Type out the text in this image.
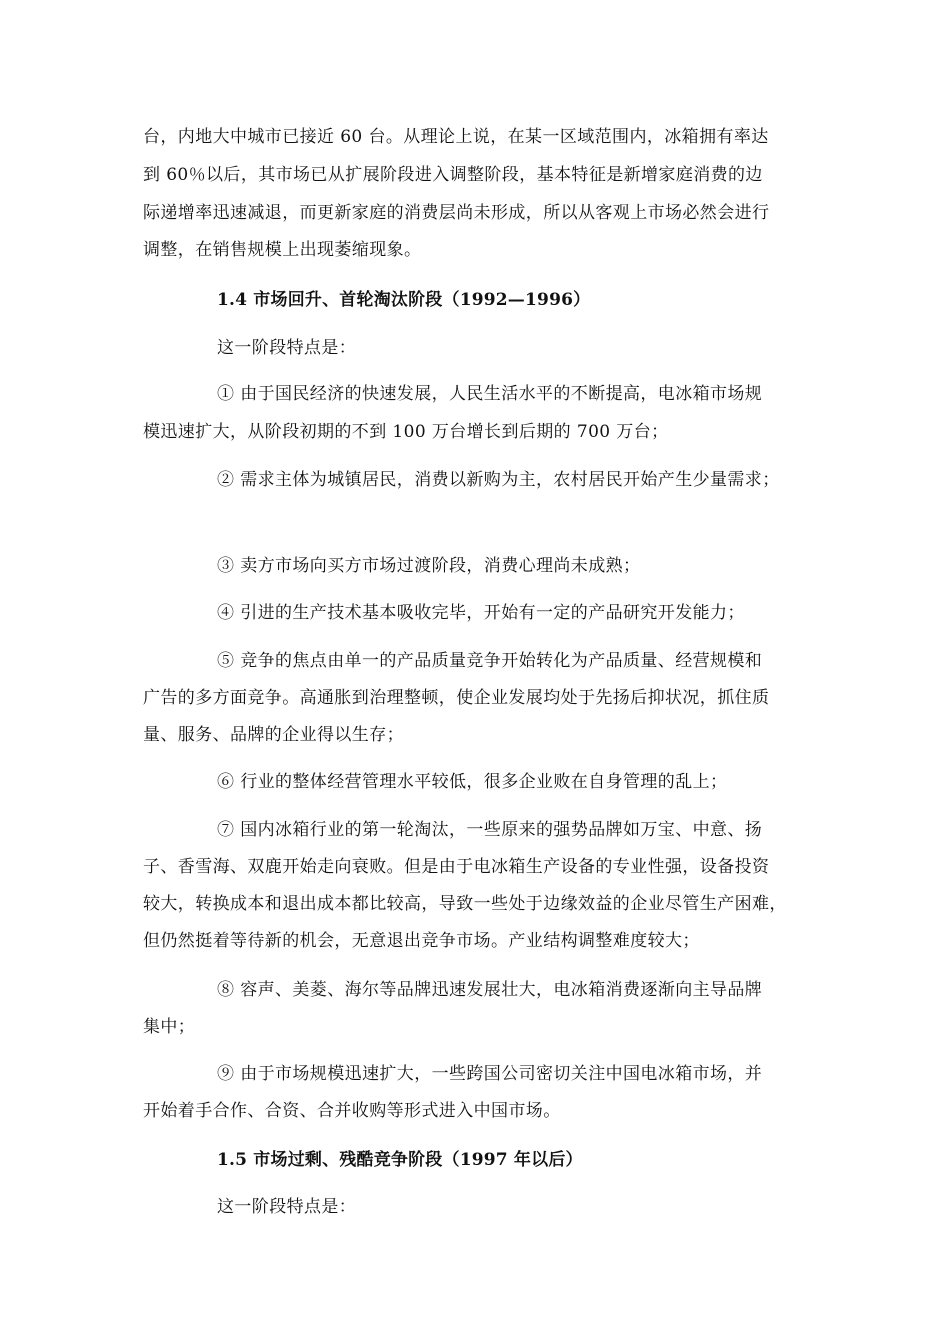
台，内地大中城市已接近 60 台。从理论上说，在某一区域范围内，冰箱拥有率达
到 60％以后，其市场已从扩展阶段进入调整阶段，基本特征是新增家庭消费的边
际递增率迅速减退，而更新家庭的消费层尚未形成，所以从客观上市场必然会进行
调整，在销售规模上出现萎缩现象。
1.4 市场回升、首轮淘汰阶段（1992—1996）
这一阶段特点是：
① 由于国民经济的快速发展，人民生活水平的不断提高，电冰箱市场规
模迅速扩大，从阶段初期的不到 100 万台增长到后期的 700 万台；
② 需求主体为城镇居民，消费以新购为主，农村居民开始产生少量需求；
③ 卖方市场向买方市场过渡阶段，消费心理尚未成熟；
④ 引进的生产技术基本吸收完毕，开始有一定的产品研究开发能力；
⑤ 竞争的焦点由单一的产品质量竞争开始转化为产品质量、经营规模和
广告的多方面竞争。高通胀到治理整顿，使企业发展均处于先扬后抑状况，抓住质
量、服务、品牌的企业得以生存；
⑥ 行业的整体经营管理水平较低，很多企业败在自身管理的乱上；
⑦ 国内冰箱行业的第一轮淘汰，一些原来的强势品牌如万宝、中意、扬
子、香雪海、双鹿开始走向衰败。但是由于电冰箱生产设备的专业性强，设备投资
较大，转换成本和退出成本都比较高，导致一些处于边缘效益的企业尽管生产困难，
但仍然挺着等待新的机会，无意退出竞争市场。产业结构调整难度较大；
⑧ 容声、美菱、海尔等品牌迅速发展壮大，电冰箱消费逐渐向主导品牌
集中；
⑨ 由于市场规模迅速扩大，一些跨国公司密切关注中国电冰箱市场，并
开始着手合作、合资、合并收购等形式进入中国市场。
1.5 市场过剩、残酷竞争阶段（1997 年以后）
这一阶段特点是：
